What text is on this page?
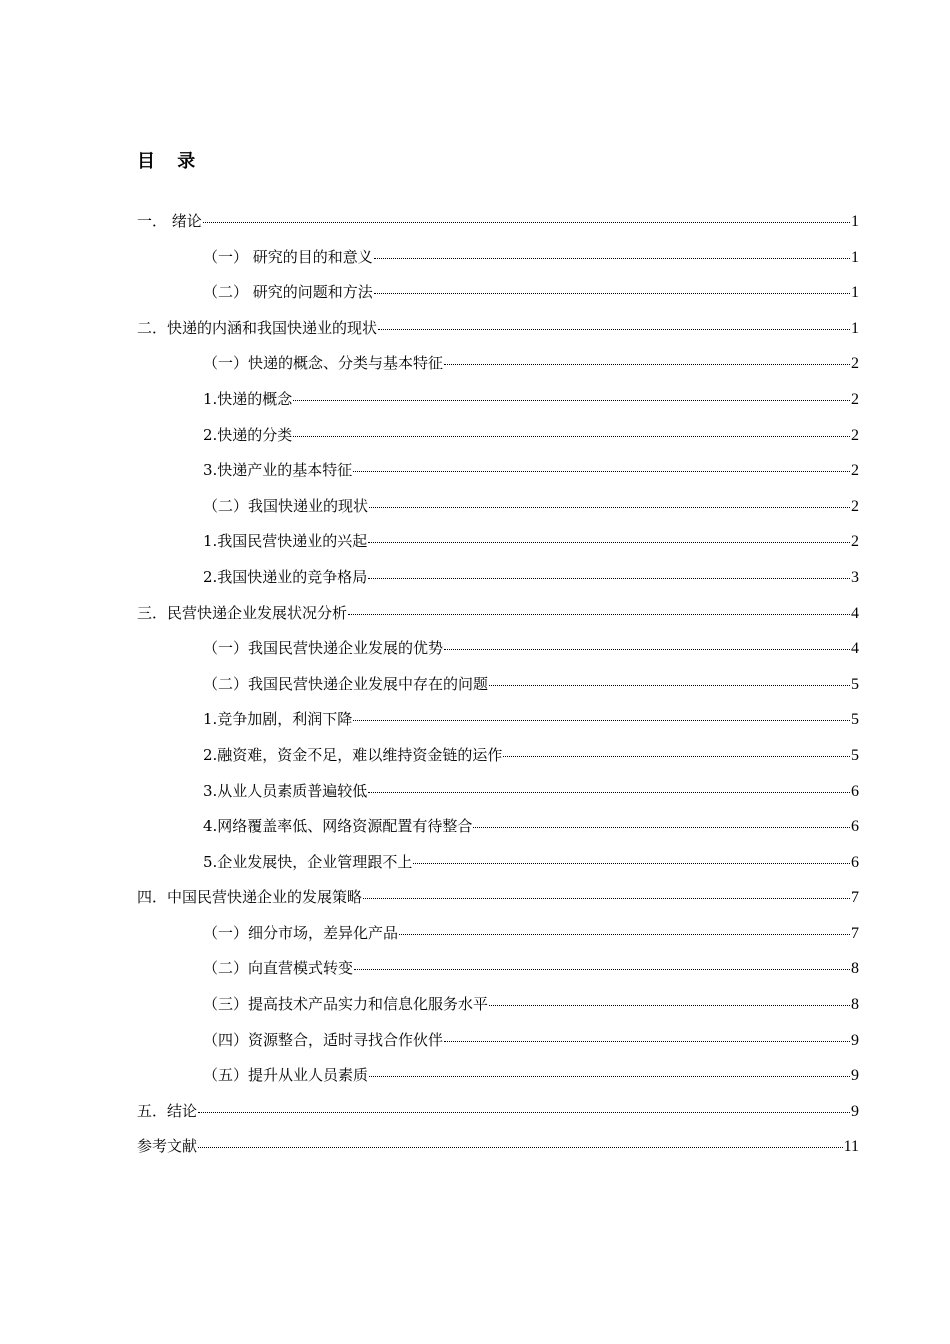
目 录
一． 绪论	1
（一） 研究的目的和意义	1
（二） 研究的问题和方法	1
二．快递的内涵和我国快递业的现状	1
（一）快递的概念、分类与基本特征	2
1.快递的概念	2
2.快递的分类	2
3.快递产业的基本特征	2
（二）我国快递业的现状	2
1.我国民营快递业的兴起	2
2.我国快递业的竞争格局	3
三．民营快递企业发展状况分析	4
（一）我国民营快递企业发展的优势	4
（二）我国民营快递企业发展中存在的问题	5
1.竞争加剧，利润下降	5
2.融资难，资金不足，难以维持资金链的运作	5
3.从业人员素质普遍较低	6
4.网络覆盖率低、网络资源配置有待整合	6
5.企业发展快，企业管理跟不上	6
四．中国民营快递企业的发展策略	7
（一）细分市场，差异化产品	7
（二）向直营模式转变	8
（三）提高技术产品实力和信息化服务水平	8
（四）资源整合，适时寻找合作伙伴	9
（五）提升从业人员素质	9
五．结论	9
参考文献	11
